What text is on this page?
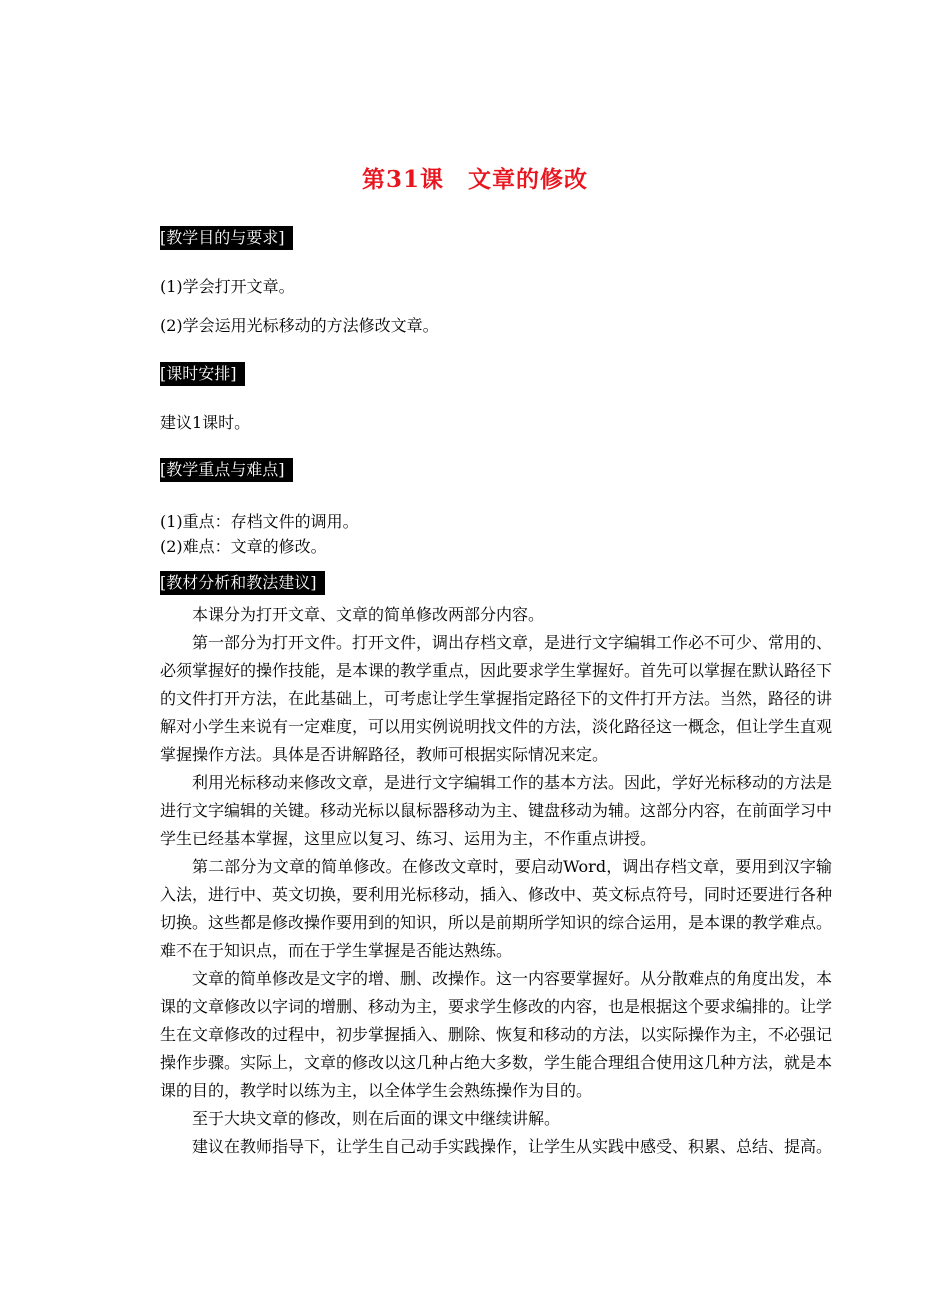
第31课　文章的修改
[教学目的与要求]
(1)学会打开文章。
(2)学会运用光标移动的方法修改文章。
[课时安排]
建议1课时。
[教学重点与难点]
(1)重点：存档文件的调用。
(2)难点：文章的修改。
[教材分析和教法建议]

本课分为打开文章、文章的简单修改两部分内容。

第一部分为打开文件。打开文件，调出存档文章，是进行文字编辑工作必不可少、常用的、必须掌握好的操作技能，是本课的教学重点，因此要求学生掌握好。首先可以掌握在默认路径下的文件打开方法，在此基础上，可考虑让学生掌握指定路径下的文件打开方法。当然，路径的讲解对小学生来说有一定难度，可以用实例说明找文件的方法，淡化路径这一概念，但让学生直观掌握操作方法。具体是否讲解路径，教师可根据实际情况来定。

利用光标移动来修改文章，是进行文字编辑工作的基本方法。因此，学好光标移动的方法是进行文字编辑的关键。移动光标以鼠标器移动为主、键盘移动为辅。这部分内容，在前面学习中学生已经基本掌握，这里应以复习、练习、运用为主，不作重点讲授。

第二部分为文章的简单修改。在修改文章时，要启动Word，调出存档文章，要用到汉字输入法，进行中、英文切换，要利用光标移动，插入、修改中、英文标点符号，同时还要进行各种切换。这些都是修改操作要用到的知识，所以是前期所学知识的综合运用，是本课的教学难点。难不在于知识点，而在于学生掌握是否能达熟练。

文章的简单修改是文字的增、删、改操作。这一内容要掌握好。从分散难点的角度出发，本课的文章修改以字词的增删、移动为主，要求学生修改的内容，也是根据这个要求编排的。让学生在文章修改的过程中，初步掌握插入、删除、恢复和移动的方法，以实际操作为主，不必强记操作步骤。实际上，文章的修改以这几种占绝大多数，学生能合理组合使用这几种方法，就是本课的目的，教学时以练为主，以全体学生会熟练操作为目的。

至于大块文章的修改，则在后面的课文中继续讲解。

建议在教师指导下，让学生自己动手实践操作，让学生从实践中感受、积累、总结、提高。
